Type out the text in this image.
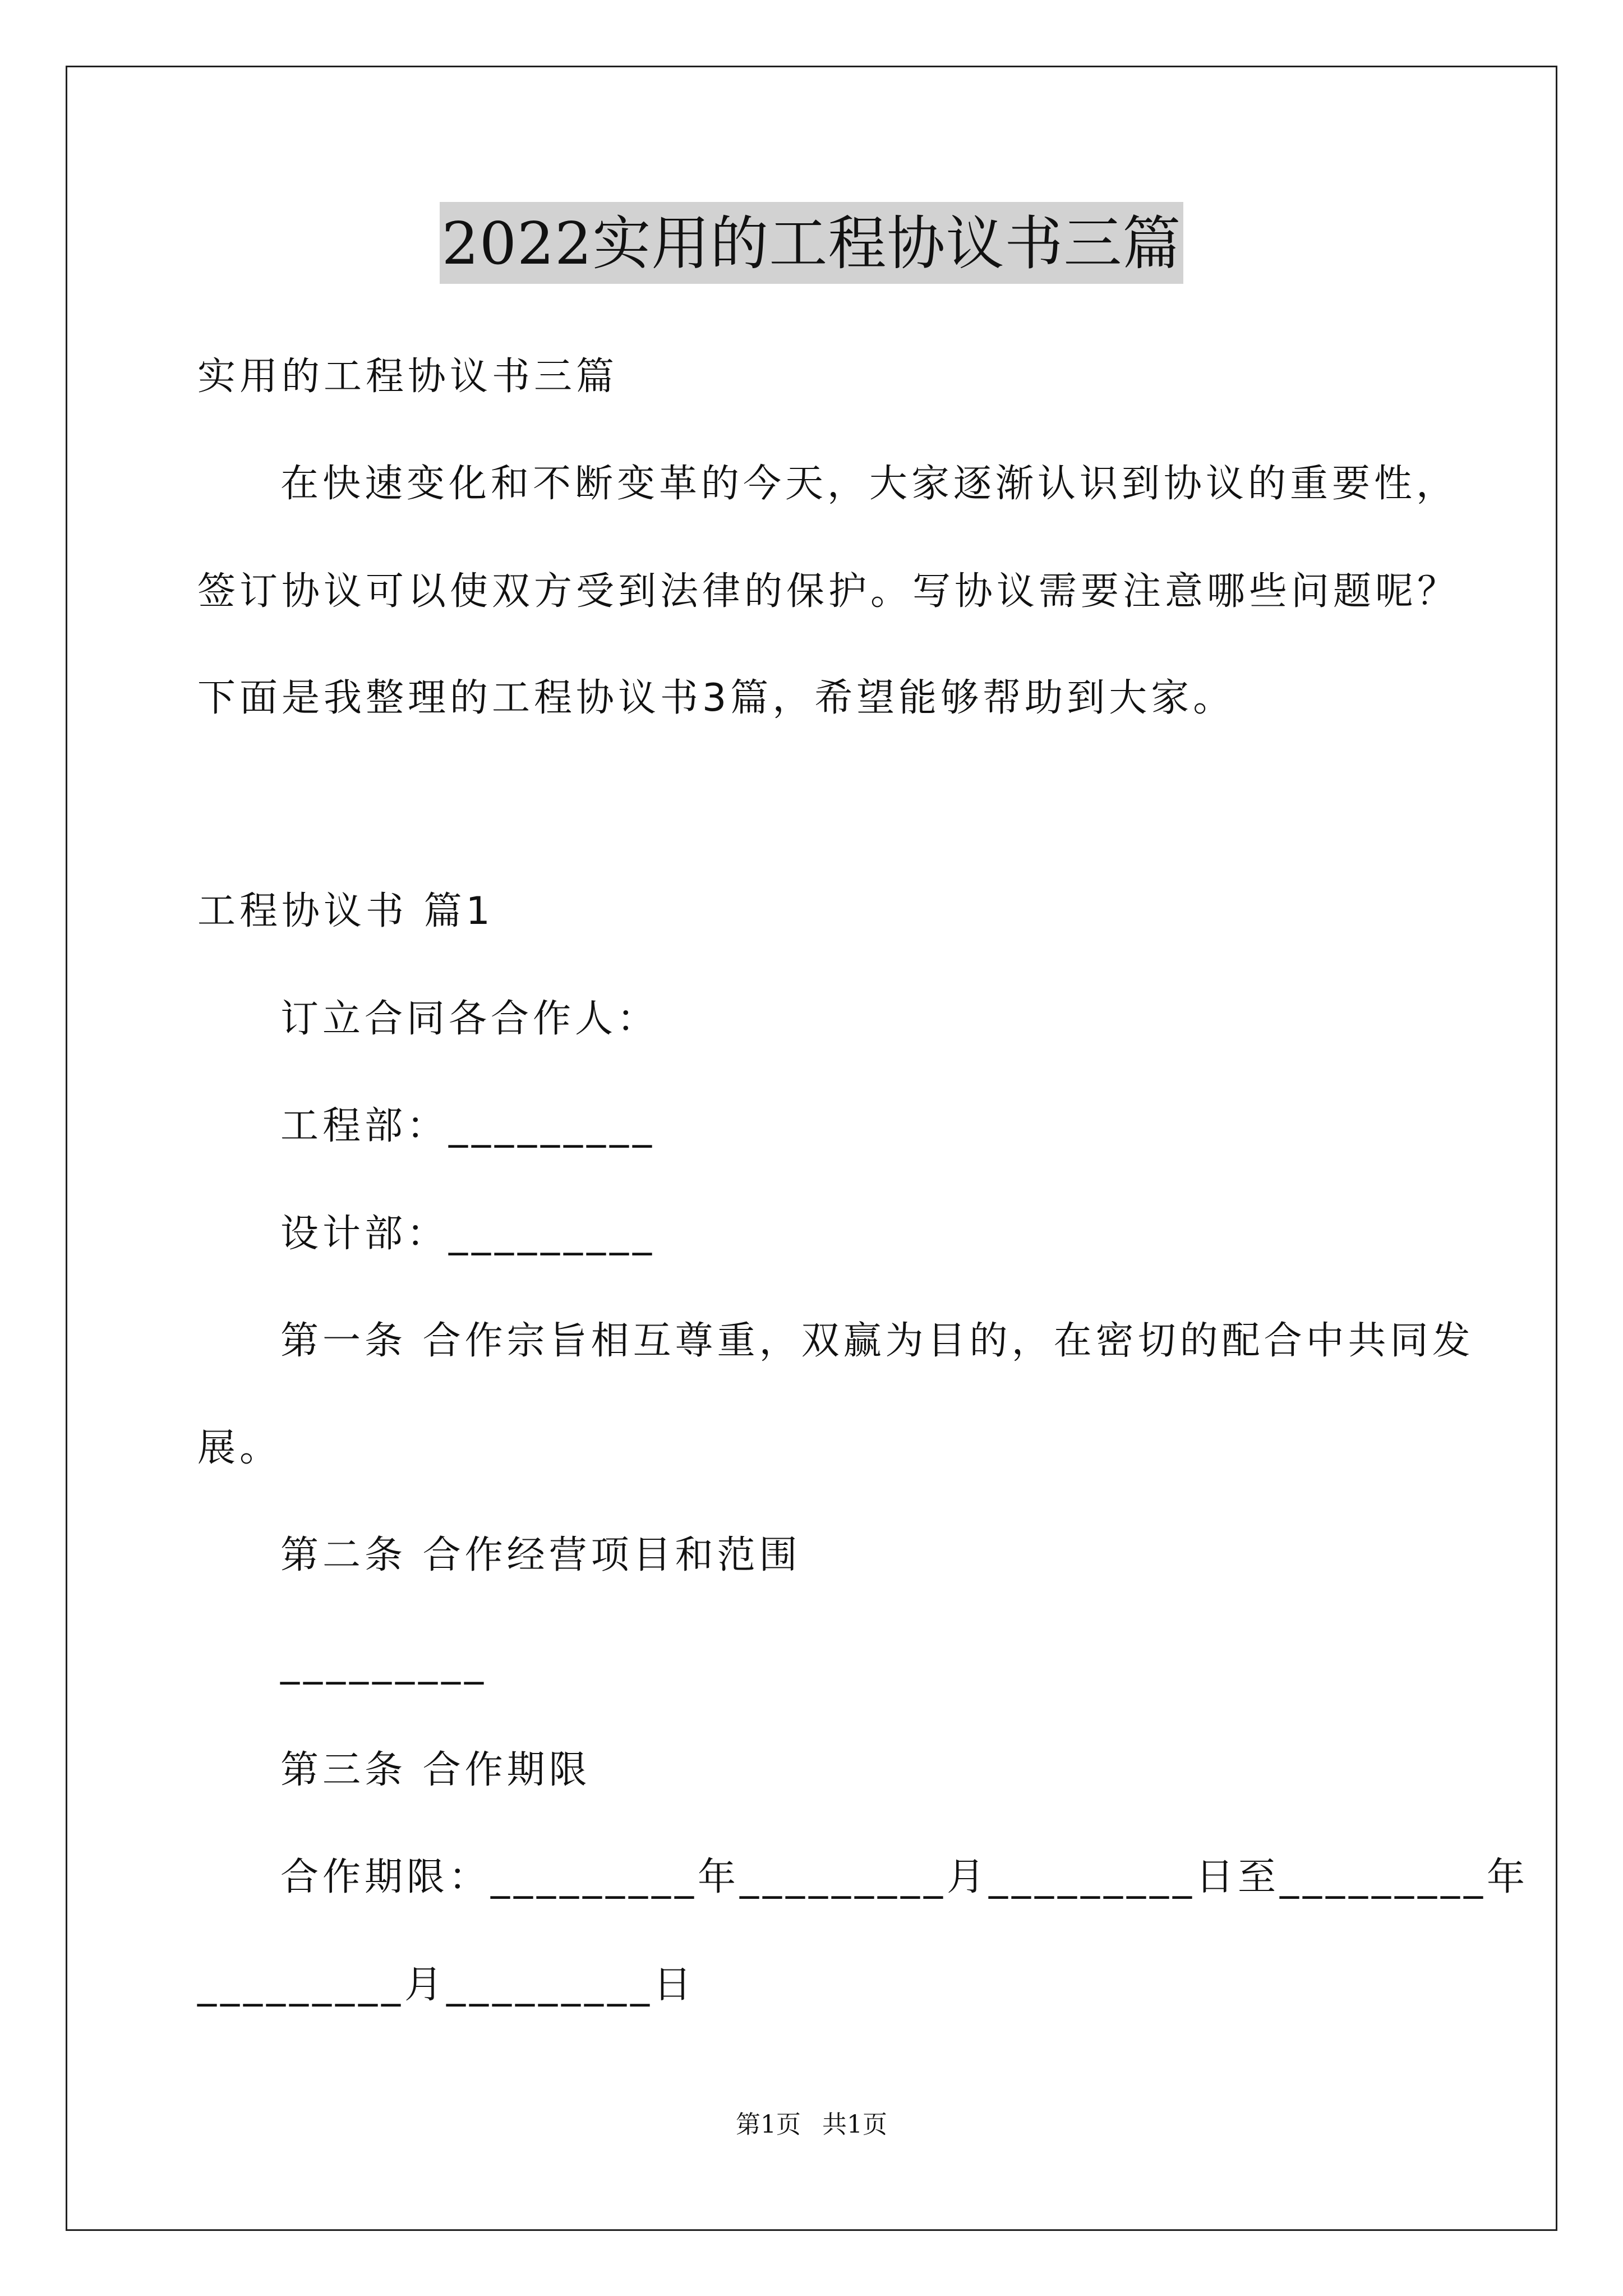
2022实用的工程协议书三篇
实用的工程协议书三篇
在快速变化和不断变革的今天，大家逐渐认识到协议的重要性，
签订协议可以使双方受到法律的保护。写协议需要注意哪些问题呢？
下面是我整理的工程协议书3篇，希望能够帮助到大家。
工程协议书 篇1
订立合同各合作人：
工程部：_________
设计部：_________
第一条 合作宗旨相互尊重，双赢为目的，在密切的配合中共同发
展。
第二条 合作经营项目和范围
_________
第三条 合作期限
合作期限：_________年_________月_________日至_________年
_________月_________日
第1页 共1页
